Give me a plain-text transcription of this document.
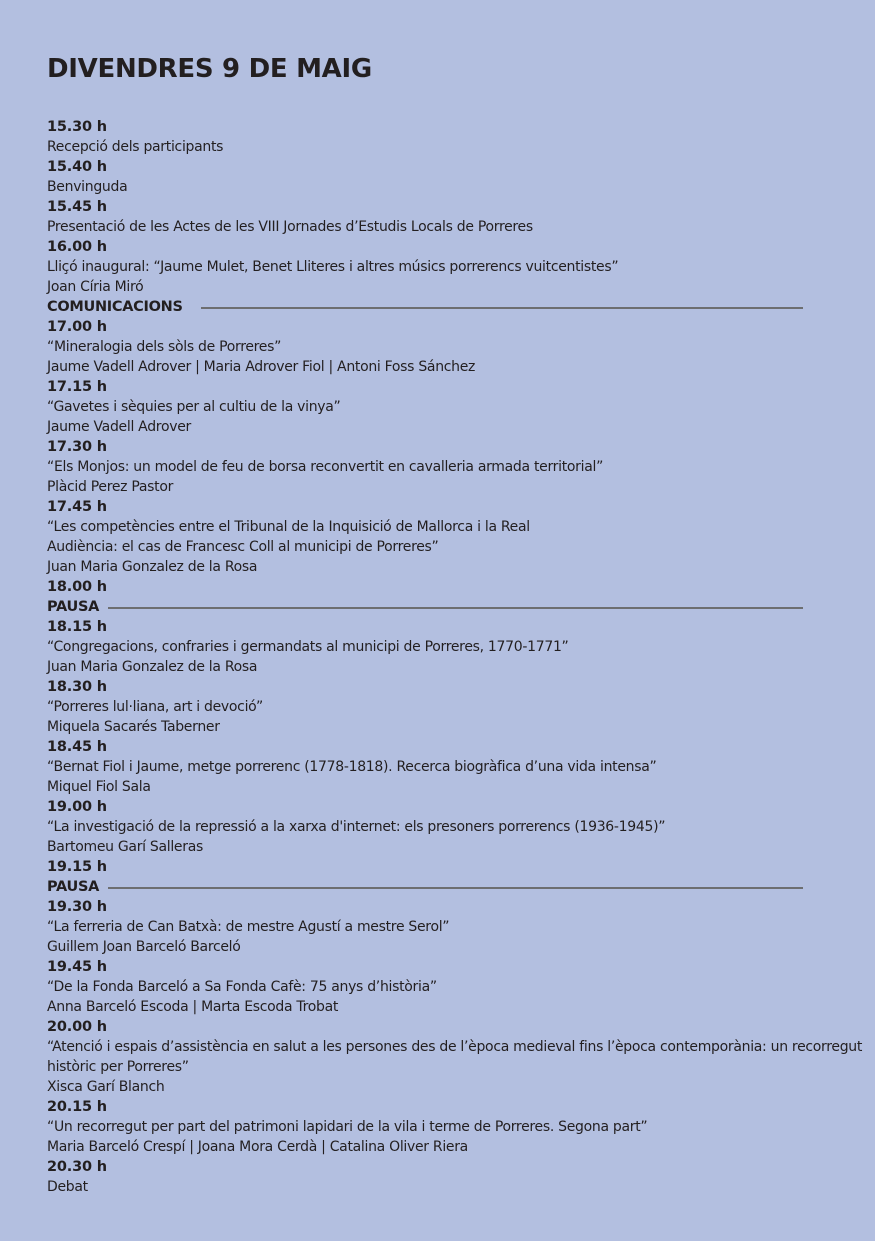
DIVENDRES 9 DE MAIG
15.30 h
Recepció dels participants
15.40 h
Benvinguda
15.45 h
Presentació de les Actes de les VIII Jornades d’Estudis Locals de Porreres
16.00 h
Lliçó inaugural: “Jaume Mulet, Benet Lliteres i altres músics porrerencs vuitcentistes”
Joan Círia Miró
COMUNICACIONS
17.00 h
“Mineralogia dels sòls de Porreres”
Jaume Vadell Adrover | Maria Adrover Fiol | Antoni Foss Sánchez
17.15 h
“Gavetes i sèquies per al cultiu de la vinya”
Jaume Vadell Adrover
17.30 h
“Els Monjos: un model de feu de borsa reconvertit en cavalleria armada territorial”
Plàcid Perez Pastor
17.45 h
“Les competències entre el Tribunal de la Inquisició de Mallorca i la Real
Audiència: el cas de Francesc Coll al municipi de Porreres”
Juan Maria Gonzalez de la Rosa
18.00 h
PAUSA
18.15 h
“Congregacions, confraries i germandats al municipi de Porreres, 1770-1771”
Juan Maria Gonzalez de la Rosa
18.30 h
“Porreres lul·liana, art i devoció”
Miquela Sacarés Taberner
18.45 h
“Bernat Fiol i Jaume, metge porrerenc (1778-1818). Recerca biogràfica d’una vida intensa”
Miquel Fiol Sala
19.00 h
“La investigació de la repressió a la xarxa d'internet: els presoners porrerencs (1936-1945)”
Bartomeu Garí Salleras
19.15 h
PAUSA
19.30 h
“La ferreria de Can Batxà: de mestre Agustí a mestre Serol”
Guillem Joan Barceló Barceló
19.45 h
“De la Fonda Barceló a Sa Fonda Cafè: 75 anys d’història”
Anna Barceló Escoda | Marta Escoda Trobat
20.00 h
“Atenció i espais d’assistència en salut a les persones des de l’època medieval fins l’època contemporània: un recorregut
històric per Porreres”
Xisca Garí Blanch
20.15 h
“Un recorregut per part del patrimoni lapidari de la vila i terme de Porreres. Segona part”
Maria Barceló Crespí | Joana Mora Cerdà | Catalina Oliver Riera
20.30 h
Debat
